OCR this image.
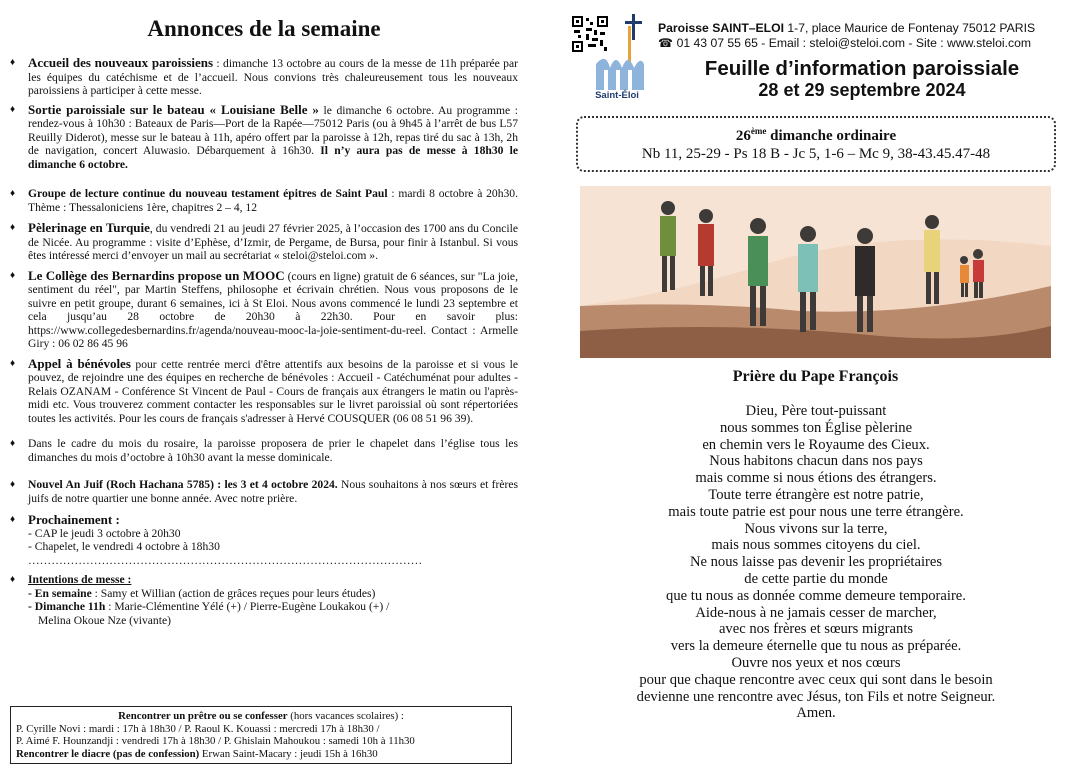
Annonces de la semaine
♦ Accueil des nouveaux paroissiens : dimanche 13 octobre au cours de la messe de 11h préparée par les équipes du catéchisme et de l’accueil. Nous convions très chaleureusement tous les nouveaux paroissiens à participer à cette messe.
♦ Sortie paroissiale sur le bateau « Louisiane Belle » le dimanche 6 octobre. Au programme : rendez-vous à 10h30 : Bateaux de Paris—Port de la Rapée—75012 Paris (ou à 9h45 à l’arrêt de bus L57 Reuilly Diderot), messe sur le bateau à 11h, apéro offert par la paroisse à 12h, repas tiré du sac à 13h, 2h de navigation, concert Aluwasio. Débarquement à 16h30. Il n’y aura pas de messe à 18h30 le dimanche 6 octobre.
♦ Groupe de lecture continue du nouveau testament épitres de Saint Paul : mardi 8 octobre à 20h30. Thème : Thessaloniciens 1ère, chapitres 2 – 4, 12
♦ Pèlerinage en Turquie, du vendredi 21 au jeudi 27 février 2025, à l’occasion des 1700 ans du Concile de Nicée. Au programme : visite d’Ephèse, d’Izmir, de Pergame, de Bursa, pour finir à Istanbul. Si vous êtes intéressé merci d’envoyer un mail au secrétariat « steloi@steloi.com ».
♦ Le Collège des Bernardins propose un MOOC (cours en ligne) gratuit de 6 séances, sur "La joie, sentiment du réel", par Martin Steffens, philosophe et écrivain chrétien. Nous vous proposons de le suivre en petit groupe, durant 6 semaines, ici à St Eloi. Nous avons commencé le lundi 23 septembre et cela jusqu’au 28 octobre de 20h30 à 22h30. Pour en savoir plus: https://www.collegedesbernardins.fr/agenda/nouveau-mooc-la-joie-sentiment-du-reel. Contact : Armelle Giry : 06 02 86 45 96
♦ Appel à bénévoles pour cette rentrée merci d'être attentifs aux besoins de la paroisse et si vous le pouvez, de rejoindre une des équipes en recherche de bénévoles : Accueil - Catéchuménat pour adultes - Relais OZANAM - Conférence St Vincent de Paul - Cours de français aux étrangers le matin ou l'après-midi etc. Vous trouverez comment contacter les responsables sur le livret paroissial où sont répertoriées toutes les activités. Pour les cours de français s'adresser à Hervé COUSQUER (06 08 51 96 39).
♦ Dans le cadre du mois du rosaire, la paroisse proposera de prier le chapelet dans l’église tous les dimanches du mois d’octobre à 10h30 avant la messe dominicale.
♦ Nouvel An Juif (Roch Hachana 5785) : les 3 et 4 octobre 2024. Nous souhaitons à nos sœurs et frères juifs de notre quartier une bonne année. Avec notre prière.
♦ Prochainement :
- CAP le jeudi 3 octobre à 20h30
- Chapelet, le vendredi 4 octobre à 18h30
…………………………………………………………………………………………
♦ Intentions de messe :
- En semaine : Samy et Willian (action de grâces reçues pour leurs études)
- Dimanche 11h : Marie-Clémentine Yélé (+) / Pierre-Eugène Loukakou (+) /
Melina Okoue Nze (vivante)
Rencontrer un prêtre ou se confesser (hors vacances scolaires) :
P. Cyrille Novi : mardi : 17h à 18h30 / P. Raoul K. Kouassi : mercredi 17h à 18h30 /
P. Aimé F. Hounzandji : vendredi 17h à 18h30 / P. Ghislain Mahoukou : samedi 10h à 11h30
Rencontrer le diacre (pas de confession) Erwan Saint-Macary : jeudi 15h à 16h30
Saint-Éloi
Paroisse SAINT–ELOI 1-7, place Maurice de Fontenay 75012 PARIS
☎ 01 43 07 55 65 - Email : steloi@steloi.com - Site : www.steloi.com
Feuille d’information paroissiale
28 et 29 septembre 2024
26ème dimanche ordinaire
Nb 11, 25-29 - Ps 18 B - Jc 5, 1-6 – Mc 9, 38-43.45.47-48
Prière du Pape François
Dieu, Père tout-puissant
nous sommes ton Église pèlerine
en chemin vers le Royaume des Cieux.
Nous habitons chacun dans nos pays
mais comme si nous étions des étrangers.
Toute terre étrangère est notre patrie,
mais toute patrie est pour nous une terre étrangère.
Nous vivons sur la terre,
mais nous sommes citoyens du ciel.
Ne nous laisse pas devenir les propriétaires
de cette partie du monde
que tu nous as donnée comme demeure temporaire.
Aide-nous à ne jamais cesser de marcher,
avec nos frères et sœurs migrants
vers la demeure éternelle que tu nous as préparée.
Ouvre nos yeux et nos cœurs
pour que chaque rencontre avec ceux qui sont dans le besoin
devienne une rencontre avec Jésus, ton Fils et notre Seigneur.
Amen.
